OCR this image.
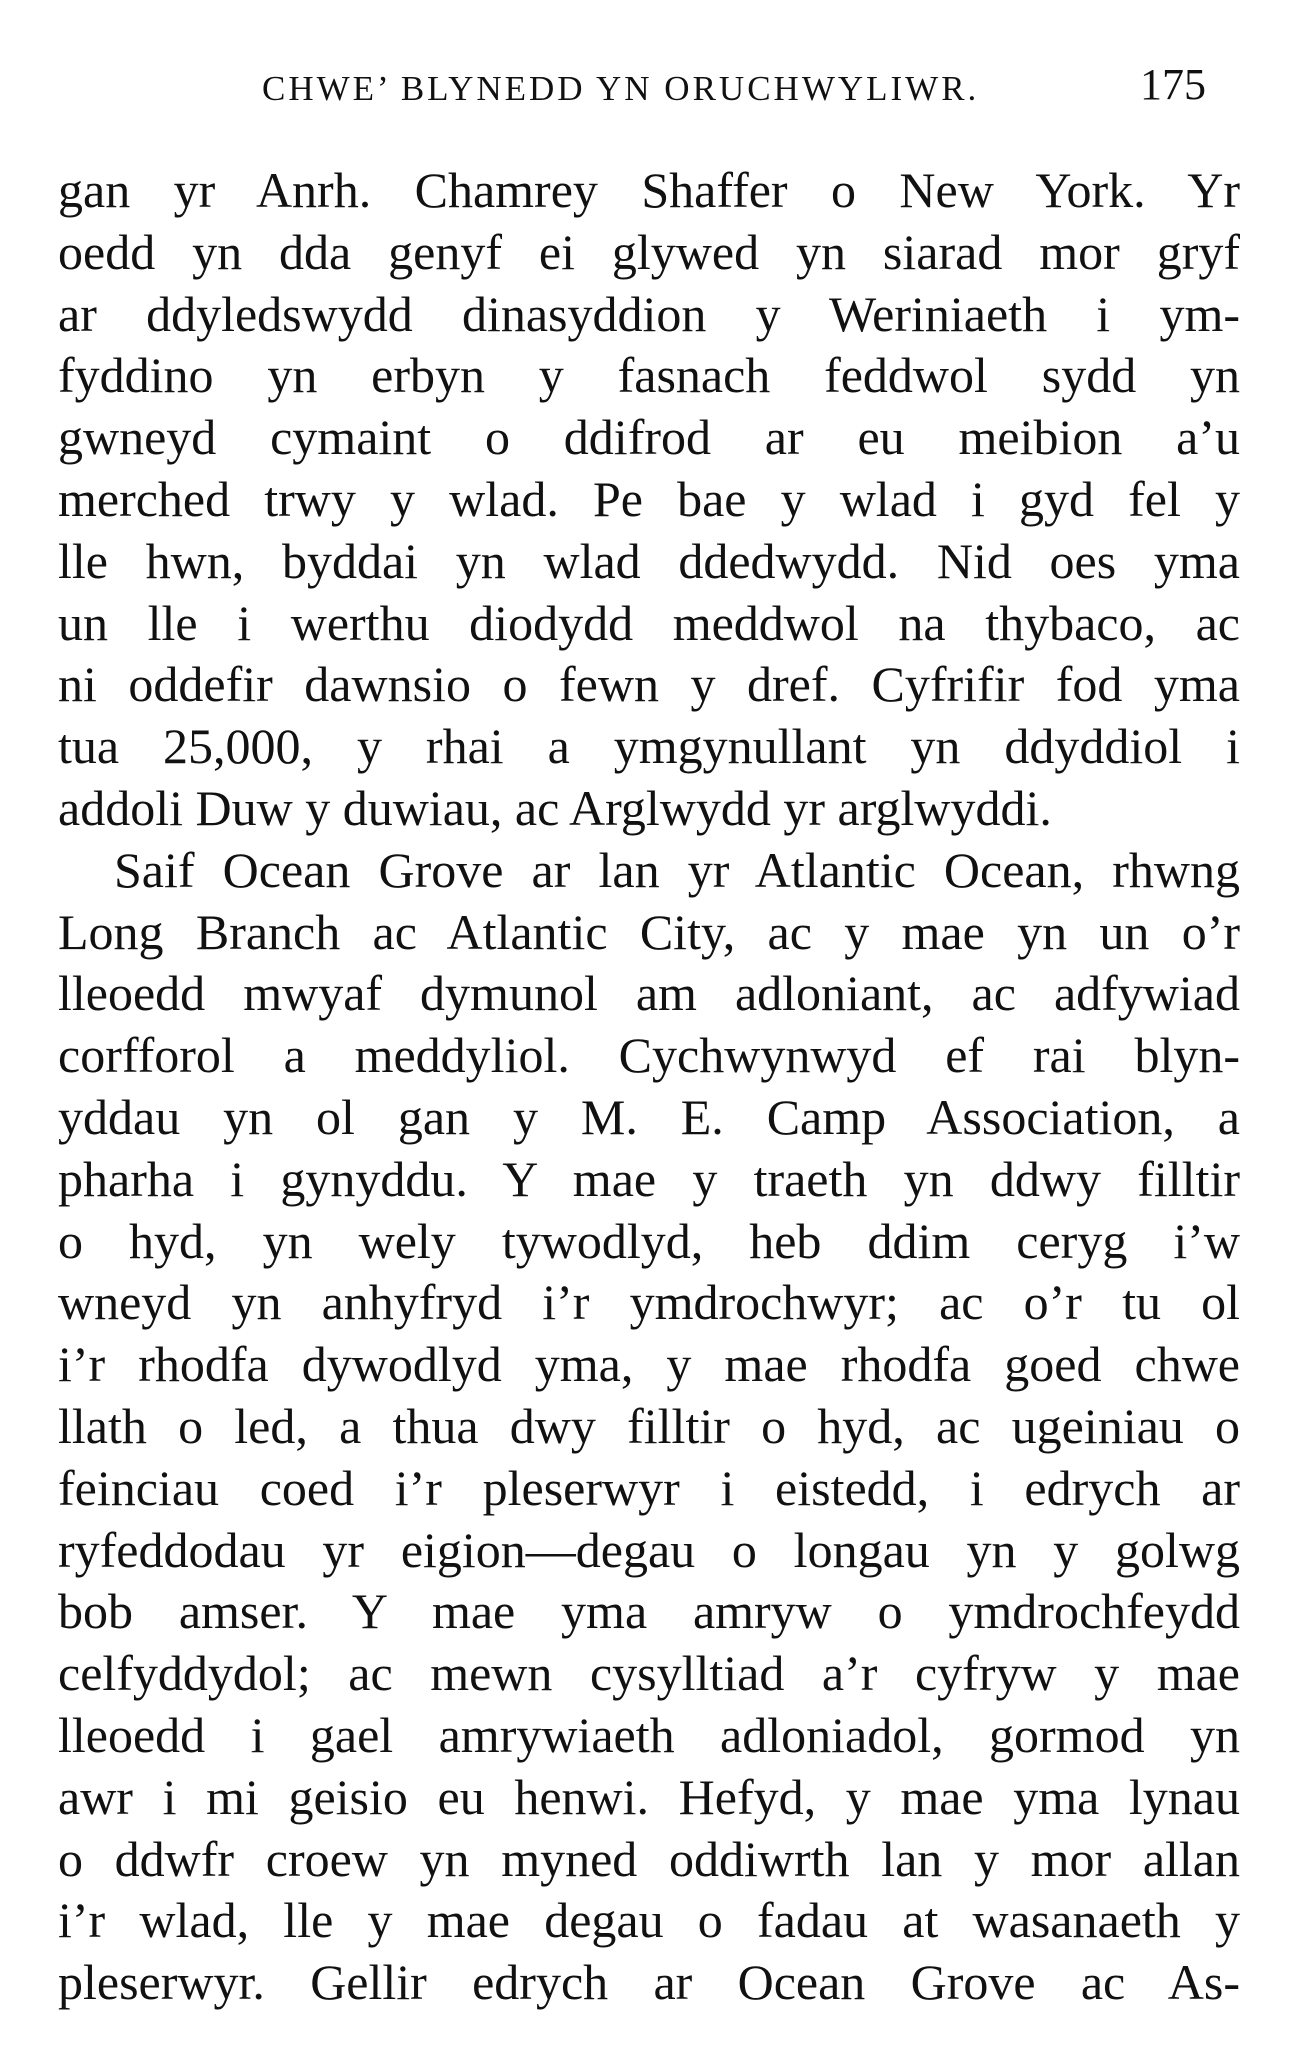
CHWE’ BLYNEDD YN ORUCHWYLIWR.	175
gan yr Anrh. Chamrey Shaffer o New York. Yr
oedd yn dda genyf ei glywed yn siarad mor gryf
ar ddyledswydd dinasyddion y Weriniaeth i ym-
fyddino yn erbyn y fasnach feddwol sydd yn
gwneyd cymaint o ddifrod ar eu meibion a’u
merched trwy y wlad. Pe bae y wlad i gyd fel y
lle hwn, byddai yn wlad ddedwydd. Nid oes yma
un lle i werthu diodydd meddwol na thybaco, ac
ni oddefir dawnsio o fewn y dref. Cyfrifir fod yma
tua 25,000, y rhai a ymgynullant yn ddyddiol i
addoli Duw y duwiau, ac Arglwydd yr arglwyddi.
Saif Ocean Grove ar lan yr Atlantic Ocean, rhwng
Long Branch ac Atlantic City, ac y mae yn un o’r
lleoedd mwyaf dymunol am adloniant, ac adfywiad
corfforol a meddyliol. Cychwynwyd ef rai blyn-
yddau yn ol gan y M. E. Camp Association, a
pharha i gynyddu. Y mae y traeth yn ddwy filltir
o hyd, yn wely tywodlyd, heb ddim ceryg i’w
wneyd yn anhyfryd i’r ymdrochwyr; ac o’r tu ol
i’r rhodfa dywodlyd yma, y mae rhodfa goed chwe
llath o led, a thua dwy filltir o hyd, ac ugeiniau o
feinciau coed i’r pleserwyr i eistedd, i edrych ar
ryfeddodau yr eigion—degau o longau yn y golwg
bob amser. Y mae yma amryw o ymdrochfeydd
celfyddydol; ac mewn cysylltiad a’r cyfryw y mae
lleoedd i gael amrywiaeth adloniadol, gormod yn
awr i mi geisio eu henwi. Hefyd, y mae yma lynau
o ddwfr croew yn myned oddiwrth lan y mor allan
i’r wlad, lle y mae degau o fadau at wasanaeth y
pleserwyr. Gellir edrych ar Ocean Grove ac As-
